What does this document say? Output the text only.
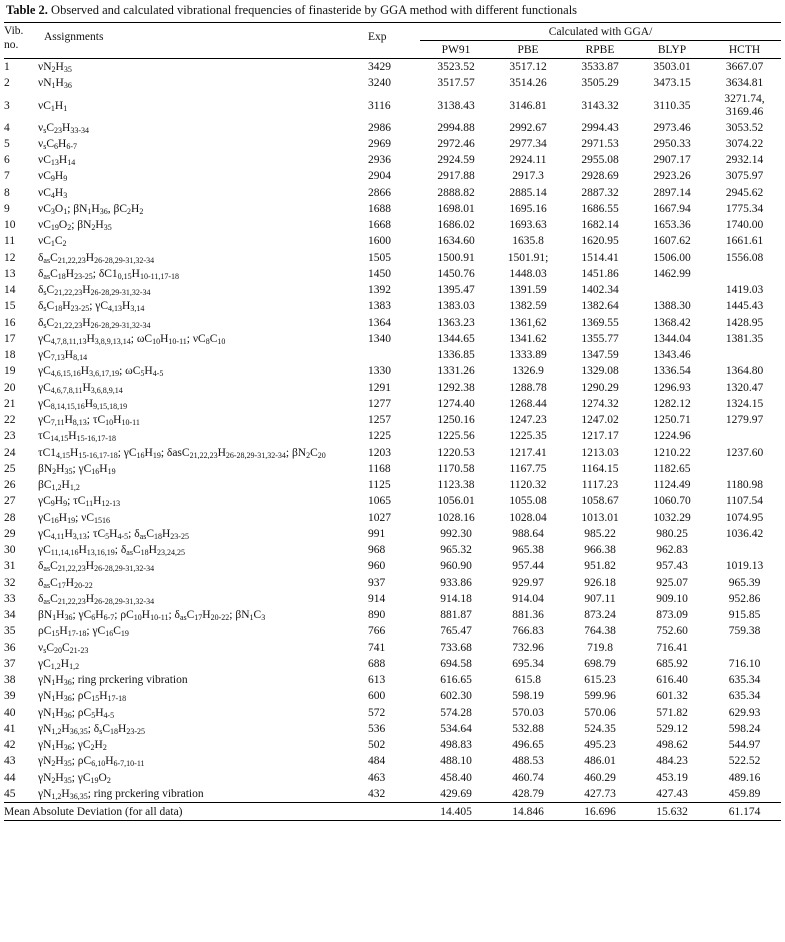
Table 2. Observed and calculated vibrational frequencies of finasteride by GGA method with different functionals
Vib.
no.	Assignments	Exp	Calculated with GGA/				
			PW91	PBE	RPBE	BLYP	HCTH
1	$\nu N_2H_{35}$	3429	3523.52	3517.12	3533.87	3503.01	3667.07
2	$\nu N_1H_{36}$	3240	3517.57	3514.26	3505.29	3473.15	3634.81
3	$\nu C_1H_1$	3116	3138.43	3146.81	3143.32	3110.35	3271.74,
3169.46
4	$\nu_sC_{23}H_{33-34}$	2986	2994.88	2992.67	2994.43	2973.46	3053.52
5	$\nu_sC_6H_{6-7}$	2969	2972.46	2977.34	2971.53	2950.33	3074.22
6	$\nu C_{13}H_{14}$	2936	2924.59	2924.11	2955.08	2907.17	2932.14
7	$\nu C_9H_9$	2904	2917.88	2917.3	2928.69	2923.26	3075.97
8	$\nu C_4H_3$	2866	2888.82	2885.14	2887.32	2897.14	2945.62
9	$\nu C_3O_1$; $\beta N_1H_{36}$, $\beta C_2H_2$	1688	1698.01	1695.16	1686.55	1667.94	1775.34
10	$\nu C_{19}O_2$; $\beta N_2H_{35}$	1668	1686.02	1693.63	1682.14	1653.36	1740.00
11	$\nu C_1C_2$	1600	1634.60	1635.8	1620.95	1607.62	1661.61
12	$\delta_{as}C_{21,22,23}H_{26-28,29-31,32-34}$	1505	1500.91	1501.91;	1514.41	1506.00	1556.08
13	$\delta_{as}C_{18}H_{23-25}$; $\delta C1_{0,15}H_{10-11,17-18}$	1450	1450.76	1448.03	1451.86	1462.99	
14	$\delta_sC_{21,22,23}H_{26-28,29-31,32-34}$	1392	1395.47	1391.59	1402.34		1419.03
15	$\delta_sC_{18}H_{23-25}$; $\gamma C_{4,13}H_{3,14}$	1383	1383.03	1382.59	1382.64	1388.30	1445.43
16	$\delta_sC_{21,22,23}H_{26-28,29-31,32-34}$	1364	1363.23	1361,62	1369.55	1368.42	1428.95
17	$\gamma C_{4,7,8,11,13}H_{3,8,9,13,14}$; $\omega C_{10}H_{10-11}$; $\nu C_8C_{10}$	1340	1344.65	1341.62	1355.77	1344.04	1381.35
18	$\gamma C_{7,13}H_{8,14}$		1336.85	1333.89	1347.59	1343.46	
19	$\gamma C_{4,6,15,16}H_{3,6,17,19}$; $\omega C_5H_{4-5}$	1330	1331.26	1326.9	1329.08	1336.54	1364.80
20	$\gamma C_{4,6,7,8,11}H_{3,6,8,9,14}$	1291	1292.38	1288.78	1290.29	1296.93	1320.47
21	$\gamma C_{8,14,15,16}H_{9,15,18,19}$	1277	1274.40	1268.44	1274.32	1282.12	1324.15
22	$\gamma C_{7,11}H_{8,13}$; $\tau C_{10}H_{10-11}$	1257	1250.16	1247.23	1247.02	1250.71	1279.97
23	$\tau C_{14,15}H_{15-16,17-18}$	1225	1225.56	1225.35	1217.17	1224.96	
24	$\tau C1_{4,15}H_{15-16,17-18}$; $\gamma C_{16}H_{19}$; $\delta asC_{21,22,23}H_{26-28,29-31,32-34}$; $\beta N_2C_{20}$	1203	1220.53	1217.41	1213.03	1210.22	1237.60
25	$\beta N_2H_{35}$; $\gamma C_{16}H_{19}$	1168	1170.58	1167.75	1164.15	1182.65	
26	$\beta C_{1,2}H_{1,2}$	1125	1123.38	1120.32	1117.23	1124.49	1180.98
27	$\gamma C_9H_9$; $\tau C_{11}H_{12-13}$	1065	1056.01	1055.08	1058.67	1060.70	1107.54
28	$\gamma C_{16}H_{19}$; $\nu C_{1516}$	1027	1028.16	1028.04	1013.01	1032.29	1074.95
29	$\gamma C_{4,11}H_{3,13}$; $\tau C_5H_{4-5}$; $\delta_{as}C_{18}H_{23-25}$	991	992.30	988.64	985.22	980.25	1036.42
30	$\gamma C_{11,14,16}H_{13,16,19}$; $\delta_{as}C_{18}H_{23,24,25}$	968	965.32	965.38	966.38	962.83	
31	$\delta_{as}C_{21,22,23}H_{26-28,29-31,32-34}$	960	960.90	957.44	951.82	957.43	1019.13
32	$\delta_{as}C_{17}H_{20-22}$	937	933.86	929.97	926.18	925.07	965.39
33	$\delta_{as}C_{21,22,23}H_{26-28,29-31,32-34}$	914	914.18	914.04	907.11	909.10	952.86
34	$\beta N_1H_{36}$; $\gamma C_6H_{6-7}$; $\rho C_{10}H_{10-11}$; $\delta_{as}C_{17}H_{20-22}$; $\beta N_1C_3$	890	881.87	881.36	873.24	873.09	915.85
35	$\rho C_{15}H_{17-18}$; $\gamma C_{16}C_{19}$	766	765.47	766.83	764.38	752.60	759.38
36	$\nu_sC_{20}C_{21-23}$	741	733.68	732.96	719.8	716.41	
37	$\gamma C_{1,2}H_{1,2}$	688	694.58	695.34	698.79	685.92	716.10
38	$\gamma N_1H_{36}$; ring prckering vibration	613	616.65	615.8	615.23	616.40	635.34
39	$\gamma N_1H_{36}$; $\rho C_{15}H_{17-18}$	600	602.30	598.19	599.96	601.32	635.34
40	$\gamma N_1H_{36}$; $\rho C_5H_{4-5}$	572	574.28	570.03	570.06	571.82	629.93
41	$\gamma N_{1,2}H_{36,35}$; $\delta_sC_{18}H_{23-25}$	536	534.64	532.88	524.35	529.12	598.24
42	$\gamma N_1H_{36}$; $\gamma C_2H_2$	502	498.83	496.65	495.23	498.62	544.97
43	$\gamma N_2H_{35}$; $\rho C_{6,10}H_{6-7,10-11}$	484	488.10	488.53	486.01	484.23	522.52
44	$\gamma N_2H_{35}$; $\gamma C_{19}O_2$	463	458.40	460.74	460.29	453.19	489.16
45	$\gamma N_{1,2}H_{36,35}$; ring prckering vibration	432	429.69	428.79	427.73	427.43	459.89
Mean Absolute Deviation (for all data)			14.405	14.846	16.696	15.632	61.174
